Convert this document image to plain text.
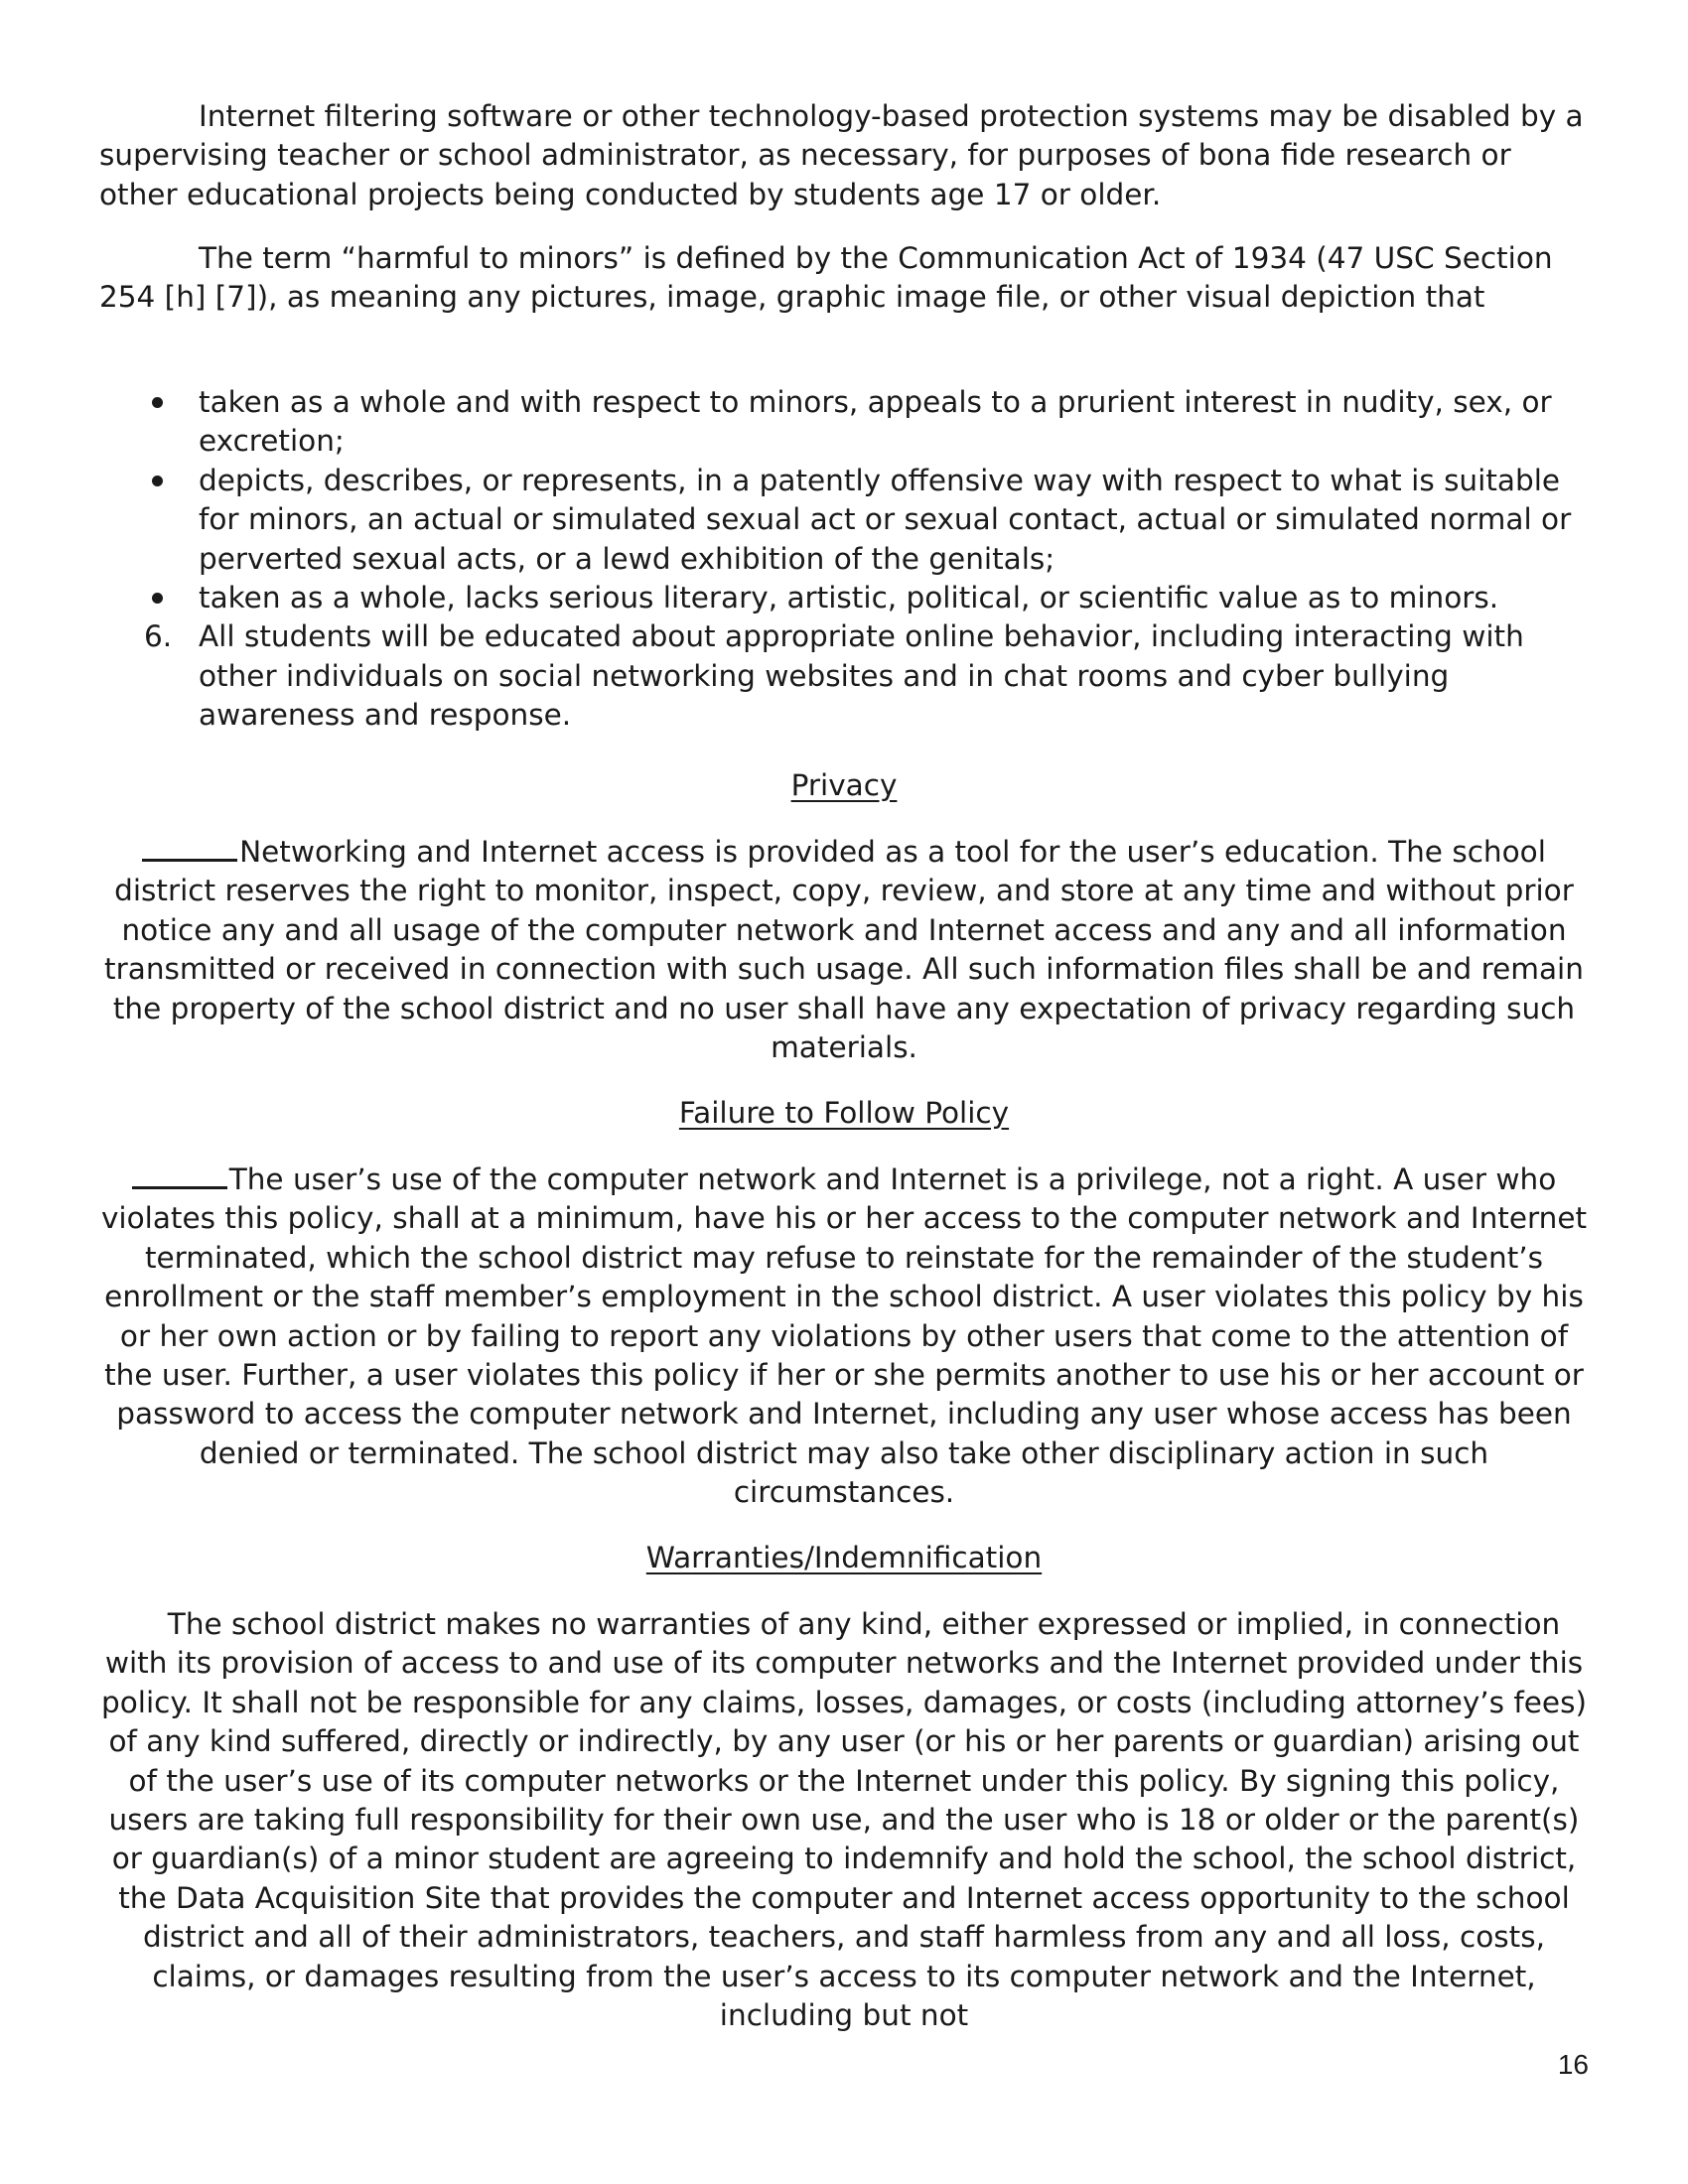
Internet filtering software or other technology-based protection systems may be disabled by a supervising teacher or school administrator, as necessary, for purposes of bona fide research or other educational projects being conducted by students age 17 or older.

The term “harmful to minors” is defined by the Communication Act of 1934 (47 USC Section 254 [h] [7]), as meaning any pictures, image, graphic image file, or other visual depiction that

taken as a whole and with respect to minors, appeals to a prurient interest in nudity, sex, or excretion;
depicts, describes, or represents, in a patently offensive way with respect to what is suitable for minors, an actual or simulated sexual act or sexual contact, actual or simulated normal or perverted sexual acts, or a lewd exhibition of the genitals;
taken as a whole, lacks serious literary, artistic, political, or scientific value as to minors.
6. All students will be educated about appropriate online behavior, including interacting with other individuals on social networking websites and in chat rooms and cyber bullying awareness and response.
Privacy

Networking and Internet access is provided as a tool for the user’s education. The school district reserves the right to monitor, inspect, copy, review, and store at any time and without prior notice any and all usage of the computer network and Internet access and any and all information transmitted or received in connection with such usage. All such information files shall be and remain the property of the school district and no user shall have any expectation of privacy regarding such materials.

Failure to Follow Policy

The user’s use of the computer network and Internet is a privilege, not a right. A user who violates this policy, shall at a minimum, have his or her access to the computer network and Internet terminated, which the school district may refuse to reinstate for the remainder of the student’s enrollment or the staff member’s employment in the school district. A user violates this policy by his or her own action or by failing to report any violations by other users that come to the attention of the user. Further, a user violates this policy if her or she permits another to use his or her account or password to access the computer network and Internet, including any user whose access has been denied or terminated. The school district may also take other disciplinary action in such circumstances.

Warranties/Indemnification

The school district makes no warranties of any kind, either expressed or implied, in connection with its provision of access to and use of its computer networks and the Internet provided under this policy. It shall not be responsible for any claims, losses, damages, or costs (including attorney’s fees) of any kind suffered, directly or indirectly, by any user (or his or her parents or guardian) arising out of the user’s use of its computer networks or the Internet under this policy. By signing this policy, users are taking full responsibility for their own use, and the user who is 18 or older or the parent(s) or guardian(s) of a minor student are agreeing to indemnify and hold the school, the school district, the Data Acquisition Site that provides the computer and Internet access opportunity to the school district and all of their administrators, teachers, and staff harmless from any and all loss, costs, claims, or damages resulting from the user’s access to its computer network and the Internet, including but not

16
